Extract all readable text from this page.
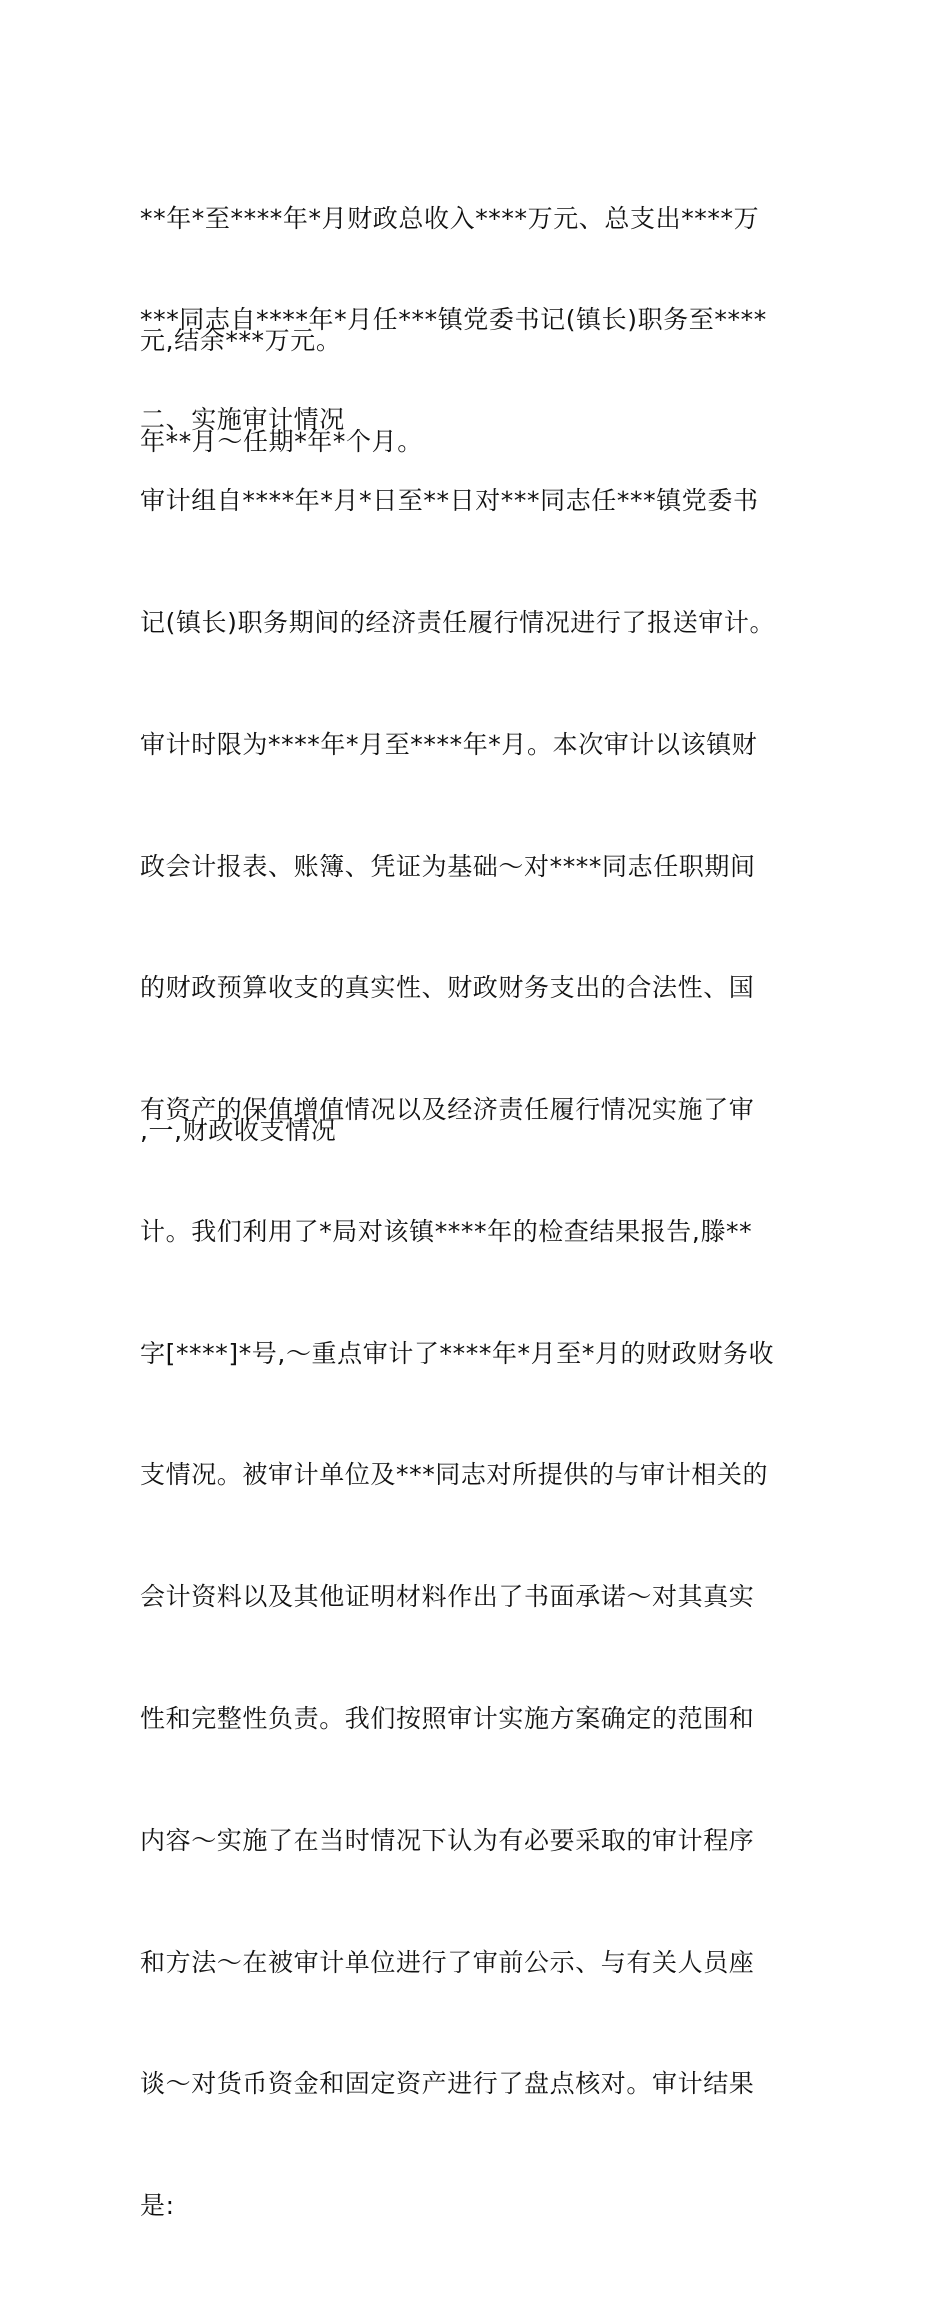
**年*至****年*月财政总收入****万元、总支出****万

元,结余***万元。

***同志自****年*月任***镇党委书记(镇长)职务至****

年**月～任期*年*个月。

二、实施审计情况

审计组自****年*月*日至**日对***同志任***镇党委书

记(镇长)职务期间的经济责任履行情况进行了报送审计。

审计时限为****年*月至****年*月。本次审计以该镇财

政会计报表、账簿、凭证为基础～对****同志任职期间

的财政预算收支的真实性、财政财务支出的合法性、国

有资产的保值增值情况以及经济责任履行情况实施了审

计。我们利用了*局对该镇****年的检查结果报告,滕**

字[****]*号,～重点审计了****年*月至*月的财政财务收

支情况。被审计单位及***同志对所提供的与审计相关的

会计资料以及其他证明材料作出了书面承诺～对其真实

性和完整性负责。我们按照审计实施方案确定的范围和

内容～实施了在当时情况下认为有必要采取的审计程序

和方法～在被审计单位进行了审前公示、与有关人员座

谈～对货币资金和固定资产进行了盘点核对。审计结果

是:

,一,财政收支情况
